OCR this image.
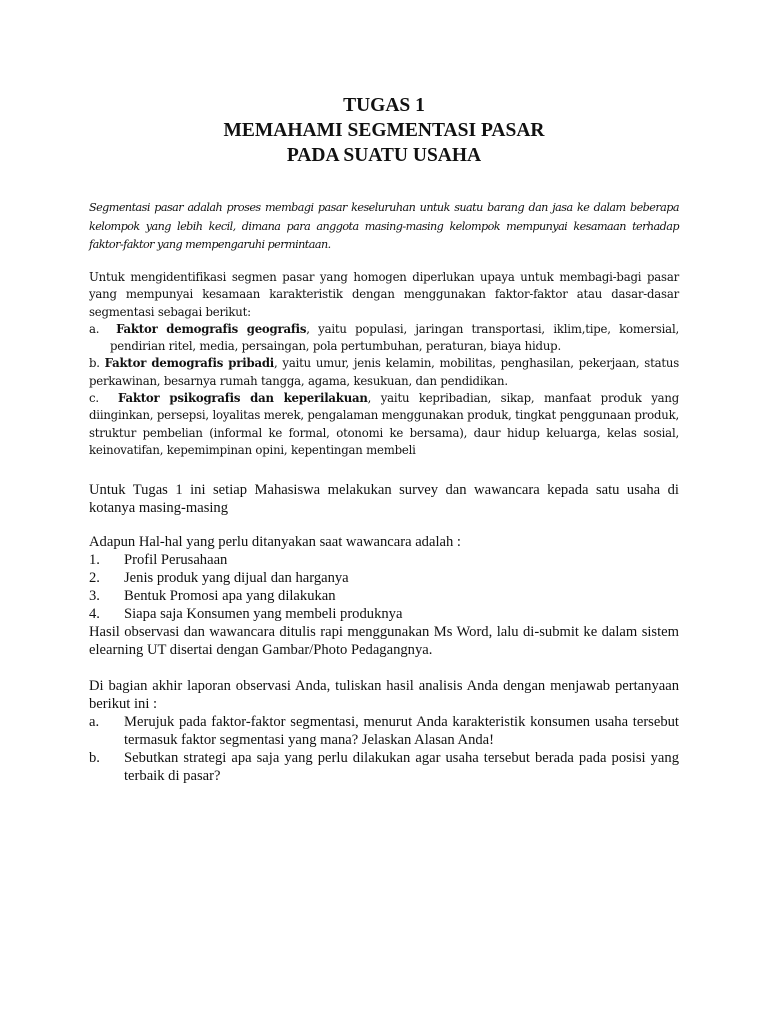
TUGAS 1
MEMAHAMI SEGMENTASI PASAR
PADA SUATU USAHA
Segmentasi pasar adalah proses membagi pasar keseluruhan untuk suatu barang dan jasa ke dalam beberapa kelompok yang lebih kecil, dimana para anggota masing-masing kelompok mempunyai kesamaan terhadap faktor-faktor yang mempengaruhi permintaan.
Untuk mengidentifikasi segmen pasar yang homogen diperlukan upaya untuk membagi-bagi pasar yang mempunyai kesamaan karakteristik dengan menggunakan faktor-faktor atau dasar-dasar segmentasi sebagai berikut:
a. Faktor demografis geografis, yaitu populasi, jaringan transportasi, iklim,tipe, komersial, pendirian ritel, media, persaingan, pola pertumbuhan, peraturan, biaya hidup.
b. Faktor demografis pribadi, yaitu umur, jenis kelamin, mobilitas, penghasilan, pekerjaan, status perkawinan, besarnya rumah tangga, agama, kesukuan, dan pendidikan.
c. Faktor psikografis dan keperilakuan, yaitu kepribadian, sikap, manfaat produk yang diinginkan, persepsi, loyalitas merek, pengalaman menggunakan produk, tingkat penggunaan produk, struktur pembelian (informal ke formal, otonomi ke bersama), daur hidup keluarga, kelas sosial, keinovatifan, kepemimpinan opini, kepentingan membeli
Untuk Tugas 1 ini setiap Mahasiswa melakukan survey dan wawancara kepada satu usaha di kotanya masing-masing
Adapun Hal-hal yang perlu ditanyakan saat wawancara adalah :
1.	Profil Perusahaan
2.	Jenis produk yang dijual dan harganya
3.	Bentuk Promosi apa yang dilakukan
4.	Siapa saja Konsumen yang membeli produknya
Hasil observasi dan wawancara ditulis rapi menggunakan Ms Word, lalu di-submit ke dalam sistem elearning UT disertai dengan Gambar/Photo Pedagangnya.
Di bagian akhir laporan observasi Anda, tuliskan hasil analisis Anda dengan menjawab pertanyaan berikut ini :
a.	Merujuk pada faktor-faktor segmentasi, menurut Anda karakteristik konsumen usaha tersebut termasuk faktor segmentasi yang mana? Jelaskan Alasan Anda!
b.	Sebutkan strategi apa saja yang perlu dilakukan agar usaha tersebut berada pada posisi yang terbaik di pasar?
